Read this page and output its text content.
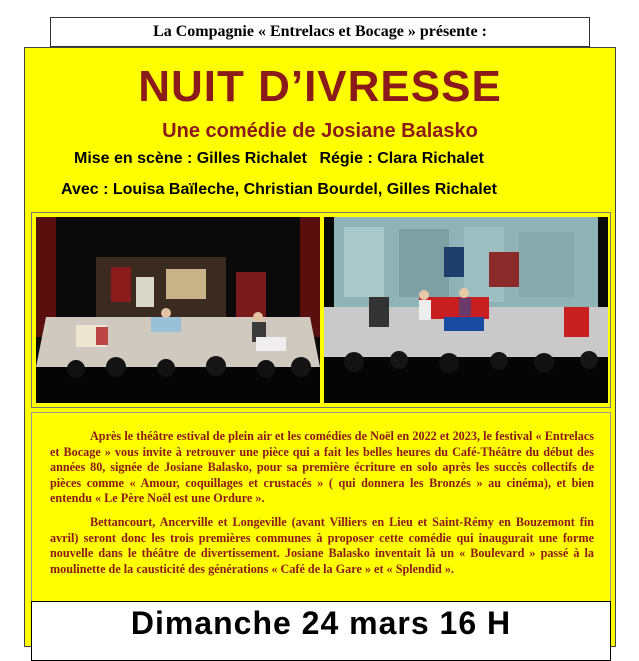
La Compagnie « Entrelacs et Bocage » présente :
NUIT D’IVRESSE
Une comédie de Josiane Balasko
Mise en scène : Gilles Richalet Régie : Clara Richalet
Avec : Louisa Baïleche, Christian Bourdel, Gilles Richalet

Après le théâtre estival de plein air et les comédies de Noël en 2022 et 2023, le festival « Entrelacs et Bocage » vous invite à retrouver une pièce qui a fait les belles heures du Café-Théâtre du début des années 80, signée de Josiane Balasko, pour sa première écriture en solo après les succès collectifs de pièces comme « Amour, coquillages et crustacés » ( qui donnera les Bronzés » au cinéma), et bien entendu « Le Père Noël est une Ordure ».

Bettancourt, Ancerville et Longeville (avant Villiers en Lieu et Saint-Rémy en Bouzemont fin avril) seront donc les trois premières communes à proposer cette comédie qui inaugurait une forme nouvelle dans le théâtre de divertissement. Josiane Balasko inventait là un « Boulevard » passé à la moulinette de la causticité des générations « Café de la Gare » et « Splendid ».

Dimanche 24 mars 16 H
